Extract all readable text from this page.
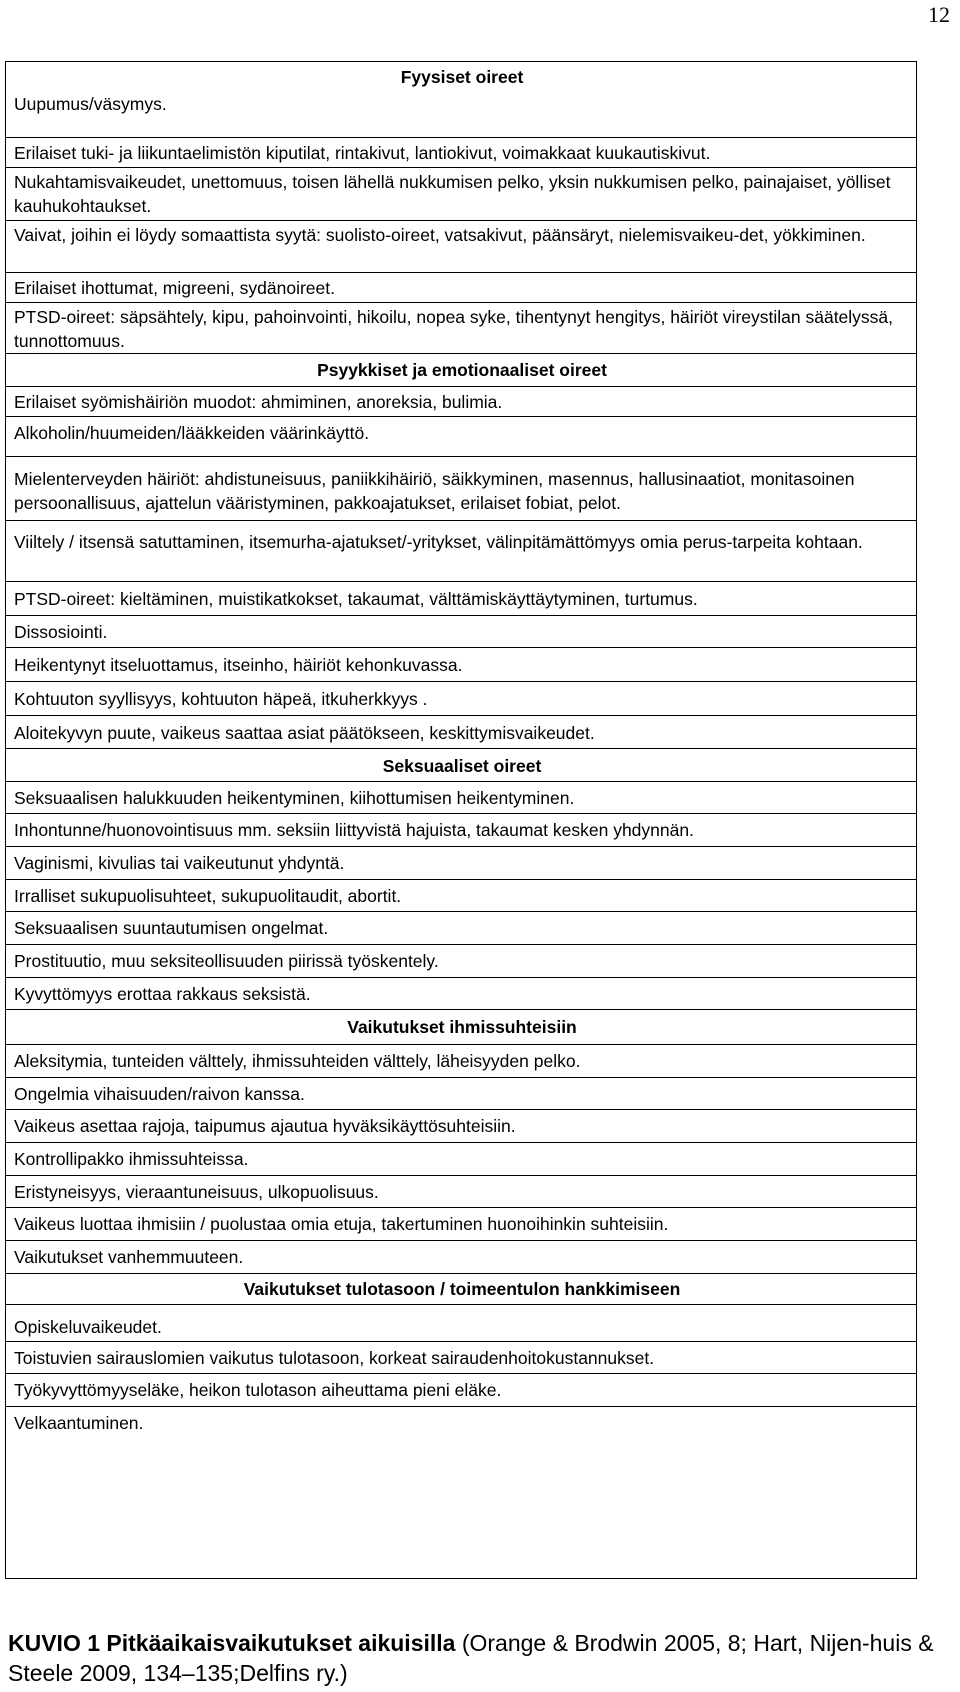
12
Fyysiset oireet
Uupumus/väsymys.
Erilaiset tuki- ja liikuntaelimistön kiputilat, rintakivut, lantiokivut, voimakkaat kuukautiskivut.
Nukahtamisvaikeudet, unettomuus, toisen lähellä nukkumisen pelko, yksin nukkumisen pelko, painajaiset, yölliset kauhukohtaukset.
Vaivat, joihin ei löydy somaattista syytä: suolisto-oireet, vatsakivut, päänsäryt, nielemisvaikeu-det, yökkiminen.
Erilaiset ihottumat, migreeni, sydänoireet.
PTSD-oireet: säpsähtely, kipu, pahoinvointi, hikoilu, nopea syke, tihentynyt hengitys, häiriöt vireystilan säätelyssä, tunnottomuus.
Psyykkiset ja emotionaaliset oireet
Erilaiset syömishäiriön muodot: ahmiminen, anoreksia, bulimia.
Alkoholin/huumeiden/lääkkeiden väärinkäyttö.
Mielenterveyden häiriöt: ahdistuneisuus, paniikkihäiriö, säikkyminen, masennus, hallusinaatiot, monitasoinen persoonallisuus, ajattelun vääristyminen, pakkoajatukset, erilaiset fobiat, pelot.
Viiltely / itsensä satuttaminen, itsemurha-ajatukset/-yritykset, välinpitämättömyys omia perus-tarpeita kohtaan.
PTSD-oireet: kieltäminen, muistikatkokset, takaumat, välttämiskäyttäytyminen, turtumus.
Dissosiointi.
Heikentynyt itseluottamus, itseinho, häiriöt kehonkuvassa.
Kohtuuton syyllisyys, kohtuuton häpeä, itkuherkkyys .
Aloitekyvyn puute, vaikeus saattaa asiat päätökseen, keskittymisvaikeudet.
Seksuaaliset oireet
Seksuaalisen halukkuuden heikentyminen, kiihottumisen heikentyminen.
Inhontunne/huonovointisuus mm. seksiin liittyvistä hajuista, takaumat kesken yhdynnän.
Vaginismi, kivulias tai vaikeutunut yhdyntä.
Irralliset sukupuolisuhteet, sukupuolitaudit, abortit.
Seksuaalisen suuntautumisen ongelmat.
Prostituutio, muu seksiteollisuuden piirissä työskentely.
Kyvyttömyys erottaa rakkaus seksistä.
Vaikutukset ihmissuhteisiin
Aleksitymia, tunteiden välttely, ihmissuhteiden välttely, läheisyyden pelko.
Ongelmia vihaisuuden/raivon kanssa.
Vaikeus asettaa rajoja, taipumus ajautua hyväksikäyttösuhteisiin.
Kontrollipakko ihmissuhteissa.
Eristyneisyys, vieraantuneisuus, ulkopuolisuus.
Vaikeus luottaa ihmisiin / puolustaa omia etuja, takertuminen huonoihinkin suhteisiin.
Vaikutukset vanhemmuuteen.
Vaikutukset tulotasoon / toimeentulon hankkimiseen
Opiskeluvaikeudet.
Toistuvien sairauslomien vaikutus tulotasoon, korkeat sairaudenhoitokustannukset.
Työkyvyttömyyseläke, heikon tulotason aiheuttama pieni eläke.
Velkaantuminen.
KUVIO 1 Pitkäaikaisvaikutukset aikuisilla (Orange & Brodwin 2005, 8; Hart, Nijen-huis & Steele 2009, 134–135;Delfins ry.)
